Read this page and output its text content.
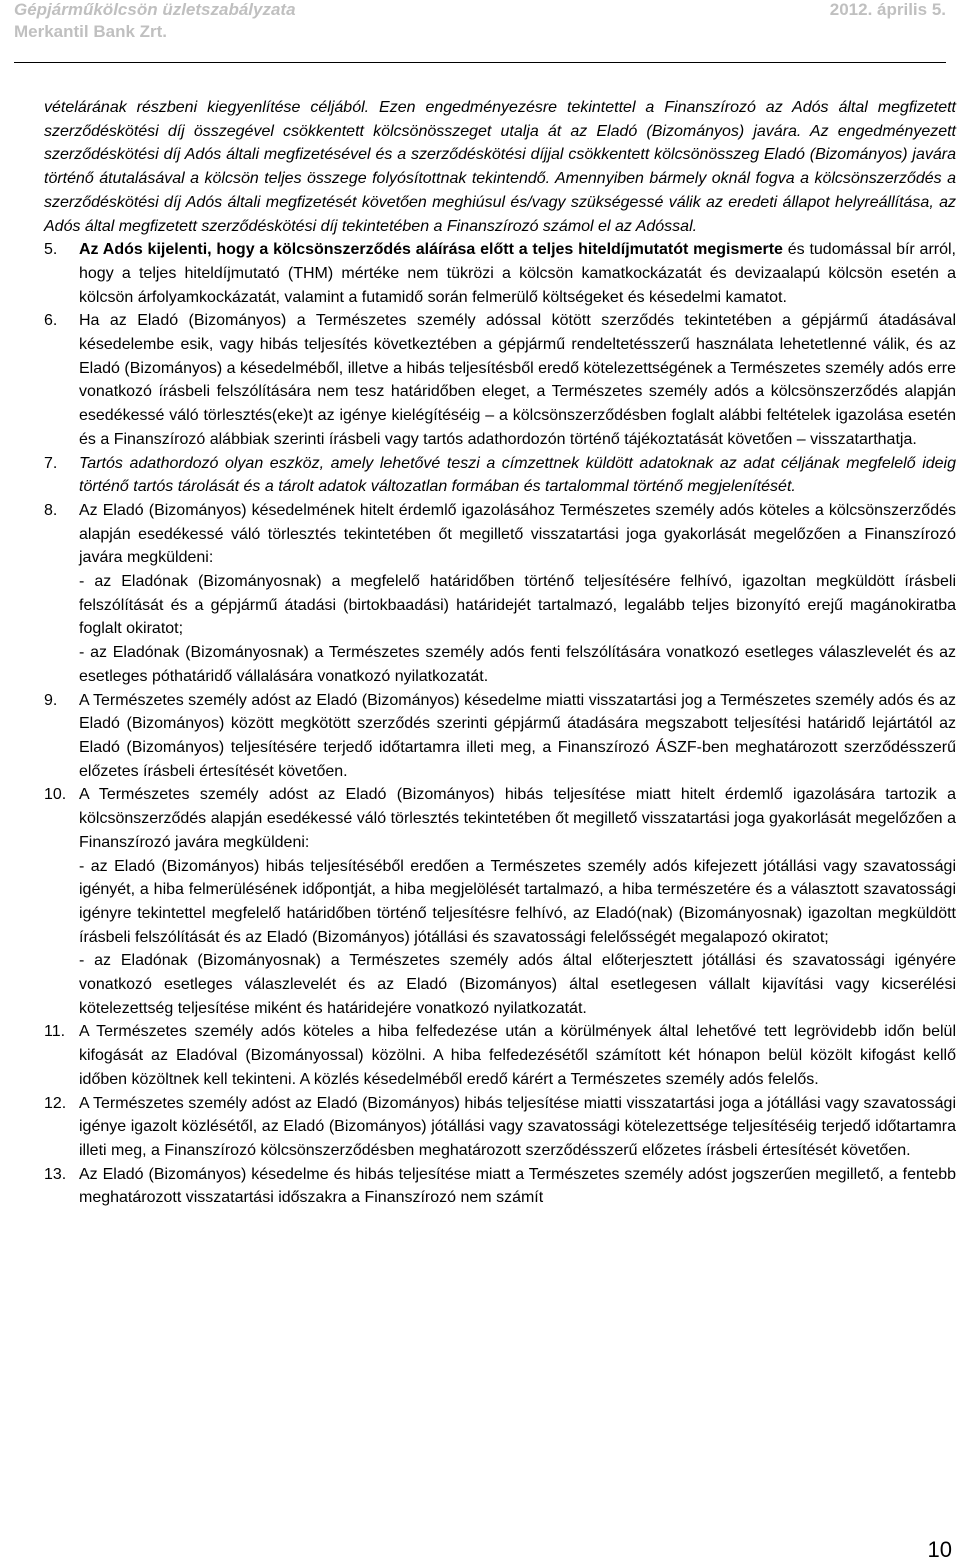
Gépjárműkölcsön üzletszabályzata	2012. április 5.
Merkantil Bank Zrt.

vételárának részbeni kiegyenlítése céljából. Ezen engedményezésre tekintettel a Finanszírozó az Adós által megfizetett szerződéskötési díj összegével csökkentett kölcsönösszeget utalja át az Eladó (Bizományos) javára. Az engedményezett szerződéskötési díj Adós általi megfizetésével és a szerződéskötési díjjal csökkentett kölcsönösszeg Eladó (Bizományos) javára történő átutalásával a kölcsön teljes összege folyósítottnak tekintendő. Amennyiben bármely oknál fogva a kölcsönszerződés a szerződéskötési díj Adós általi megfizetését követően meghiúsul és/vagy szükségessé válik az eredeti állapot helyreállítása, az Adós által megfizetett szerződéskötési díj tekintetében a Finanszírozó számol el az Adóssal.

5.	Az Adós kijelenti, hogy a kölcsönszerződés aláírása előtt a teljes hiteldíjmutatót megismerte és tudomással bír arról, hogy a teljes hiteldíjmutató (THM) mértéke nem tükrözi a kölcsön kamatkockázatát és devizaalapú kölcsön esetén a kölcsön árfolyamkockázatát, valamint a futamidő során felmerülő költségeket és késedelmi kamatot.
6.	Ha az Eladó (Bizományos) a Természetes személy adóssal kötött szerződés tekintetében a gépjármű átadásával késedelembe esik, vagy hibás teljesítés következtében a gépjármű rendeltetésszerű használata lehetetlenné válik, és az Eladó (Bizományos) a késedelméből, illetve a hibás teljesítésből eredő kötelezettségének a Természetes személy adós erre vonatkozó írásbeli felszólítására nem tesz határidőben eleget, a Természetes személy adós a kölcsönszerződés alapján esedékessé váló törlesztés(eke)t az igénye kielégítéséig – a kölcsönszerződésben foglalt alábbi feltételek igazolása esetén és a Finanszírozó alábbiak szerinti írásbeli vagy tartós adathordozón történő tájékoztatását követően – visszatarthatja.
7.	Tartós adathordozó olyan eszköz, amely lehetővé teszi a címzettnek küldött adatoknak az adat céljának megfelelő ideig történő tartós tárolását és a tárolt adatok változatlan formában és tartalommal történő megjelenítését.
8.	Az Eladó (Bizományos) késedelmének hitelt érdemlő igazolásához Természetes személy adós köteles a kölcsönszerződés alapján esedékessé váló törlesztés tekintetében őt megillető visszatartási joga gyakorlását megelőzően a Finanszírozó javára megküldeni:

- az Eladónak (Bizományosnak) a megfelelő határidőben történő teljesítésére felhívó, igazoltan megküldött írásbeli felszólítását és a gépjármű átadási (birtokbaadási) határidejét tartalmazó, legalább teljes bizonyító erejű magánokiratba foglalt okiratot;

- az Eladónak (Bizományosnak) a Természetes személy adós fenti felszólítására vonatkozó esetleges válaszlevelét és az esetleges póthatáridő vállalására vonatkozó nyilatkozatát.

9.	A Természetes személy adóst az Eladó (Bizományos) késedelme miatti visszatartási jog a Természetes személy adós és az Eladó (Bizományos) között megkötött szerződés szerinti gépjármű átadására megszabott teljesítési határidő lejártától az Eladó (Bizományos) teljesítésére terjedő időtartamra illeti meg, a Finanszírozó ÁSZF-ben meghatározott szerződésszerű előzetes írásbeli értesítését követően.
10. A Természetes személy adóst az Eladó (Bizományos) hibás teljesítése miatt hitelt érdemlő igazolására tartozik a kölcsönszerződés alapján esedékessé váló törlesztés tekintetében őt megillető visszatartási joga gyakorlását megelőzően a Finanszírozó javára megküldeni:

- az Eladó (Bizományos) hibás teljesítéséből eredően a Természetes személy adós kifejezett jótállási vagy szavatossági igényét, a hiba felmerülésének időpontját, a hiba megjelölését tartalmazó, a hiba természetére és a választott szavatossági igényre tekintettel megfelelő határidőben történő teljesítésre felhívó, az Eladó(nak) (Bizományosnak) igazoltan megküldött írásbeli felszólítását és az Eladó (Bizományos) jótállási és szavatossági felelősségét megalapozó okiratot;

- az Eladónak (Bizományosnak) a Természetes személy adós által előterjesztett jótállási és szavatossági igényére vonatkozó esetleges válaszlevelét és az Eladó (Bizományos) által esetlegesen vállalt kijavítási vagy kicserélési kötelezettség teljesítése miként és határidejére vonatkozó nyilatkozatát.

11. A Természetes személy adós köteles a hiba felfedezése után a körülmények által lehetővé tett legrövidebb időn belül kifogását az Eladóval (Bizományossal) közölni. A hiba felfedezésétől számított két hónapon belül közölt kifogást kellő időben közöltnek kell tekinteni. A közlés késedelméből eredő kárért a Természetes személy adós felelős.
12. A Természetes személy adóst az Eladó (Bizományos) hibás teljesítése miatti visszatartási joga a jótállási vagy szavatossági igénye igazolt közlésétől, az Eladó (Bizományos) jótállási vagy szavatossági kötelezettsége teljesítéséig terjedő időtartamra illeti meg, a Finanszírozó kölcsönszerződésben meghatározott szerződésszerű előzetes írásbeli értesítését követően.
13. Az Eladó (Bizományos) késedelme és hibás teljesítése miatt a Természetes személy adóst jogszerűen megillető, a fentebb meghatározott visszatartási időszakra a Finanszírozó nem számít
10
